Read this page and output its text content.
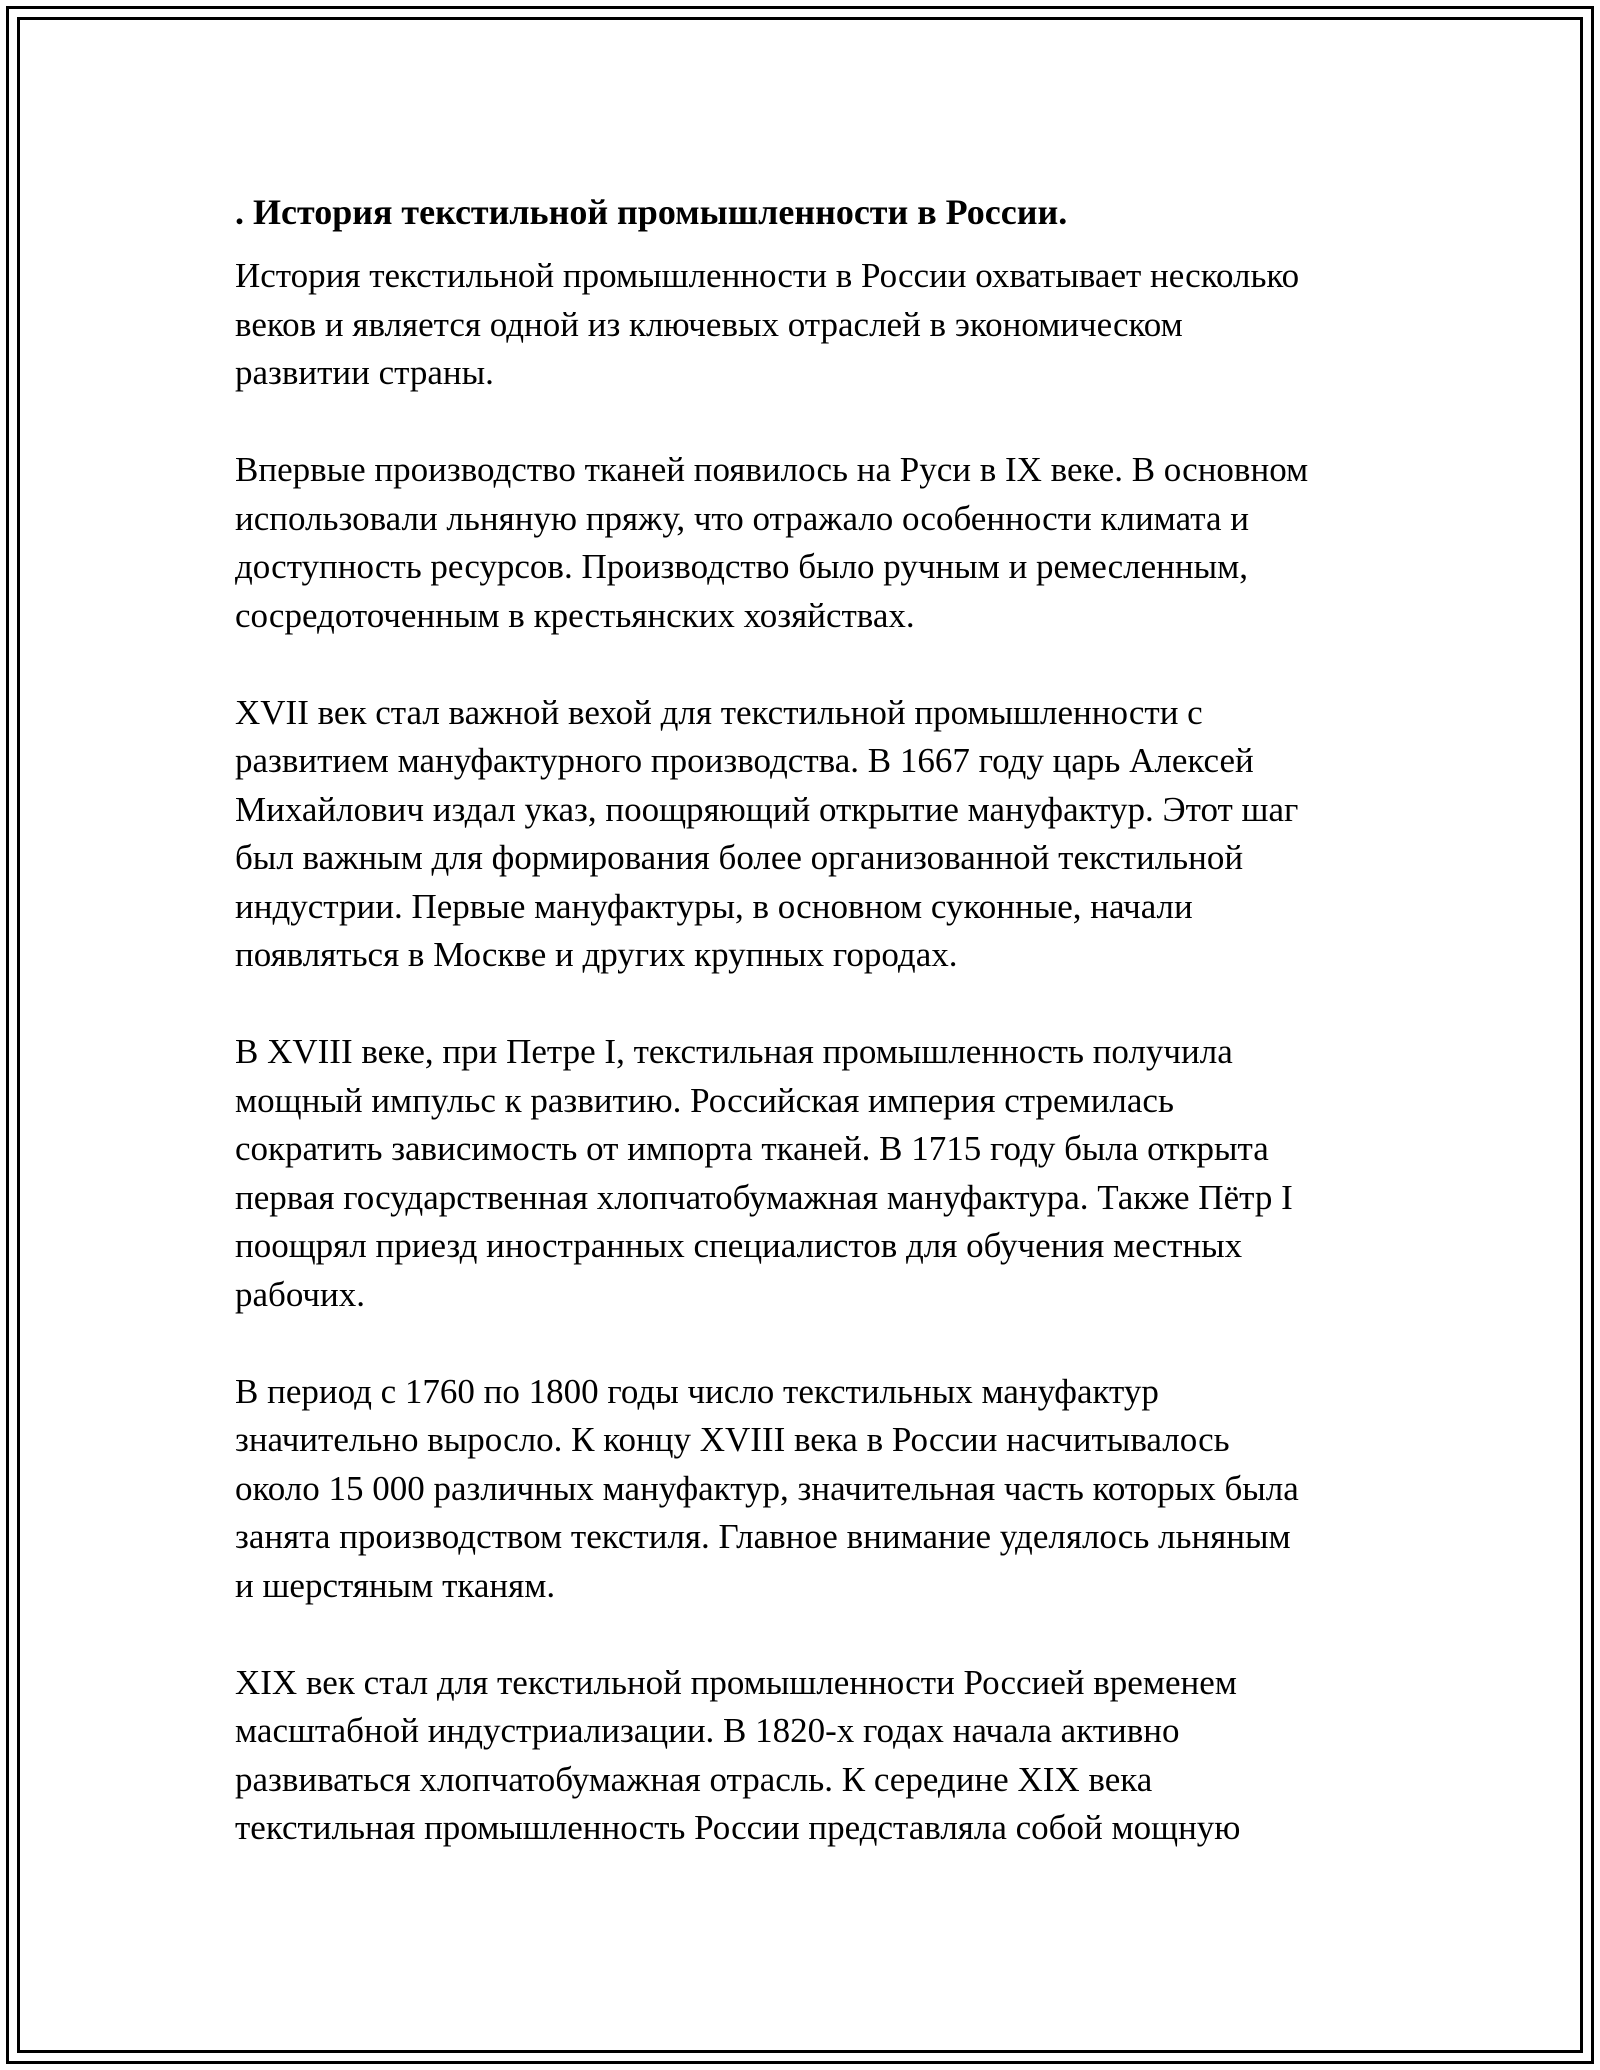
. История текстильной промышленности в России.

История текстильной промышленности в России охватывает несколько
веков и является одной из ключевых отраслей в экономическом
развитии страны.

Впервые производство тканей появилось на Руси в IX веке. В основном
использовали льняную пряжу, что отражало особенности климата и
доступность ресурсов. Производство было ручным и ремесленным,
сосредоточенным в крестьянских хозяйствах.

XVII век стал важной вехой для текстильной промышленности с
развитием мануфактурного производства. В 1667 году царь Алексей
Михайлович издал указ, поощряющий открытие мануфактур. Этот шаг
был важным для формирования более организованной текстильной
индустрии. Первые мануфактуры, в основном суконные, начали
появляться в Москве и других крупных городах.

В XVIII веке, при Петре I, текстильная промышленность получила
мощный импульс к развитию. Российская империя стремилась
сократить зависимость от импорта тканей. В 1715 году была открыта
первая государственная хлопчатобумажная мануфактура. Также Пётр I
поощрял приезд иностранных специалистов для обучения местных
рабочих.

В период с 1760 по 1800 годы число текстильных мануфактур
значительно выросло. К концу XVIII века в России насчитывалось
около 15 000 различных мануфактур, значительная часть которых была
занята производством текстиля. Главное внимание уделялось льняным
и шерстяным тканям.

XIX век стал для текстильной промышленности Россией временем
масштабной индустриализации. В 1820-х годах начала активно
развиваться хлопчатобумажная отрасль. К середине XIX века
текстильная промышленность России представляла собой мощную
